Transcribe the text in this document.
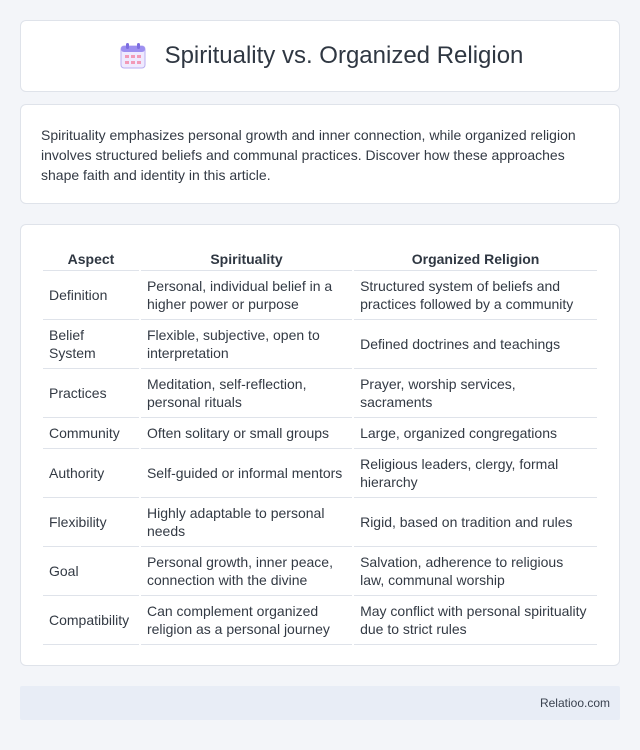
Spirituality vs. Organized Religion

Spirituality emphasizes personal growth and inner connection, while organized religion involves structured beliefs and communal practices. Discover how these approaches shape faith and identity in this article.

Aspect	Spirituality	Organized Religion
Definition	Personal, individual belief in a higher power or purpose	Structured system of beliefs and practices followed by a community
Belief System	Flexible, subjective, open to interpretation	Defined doctrines and teachings
Practices	Meditation, self-reflection, personal rituals	Prayer, worship services, sacraments
Community	Often solitary or small groups	Large, organized congregations
Authority	Self-guided or informal mentors	Religious leaders, clergy, formal hierarchy
Flexibility	Highly adaptable to personal needs	Rigid, based on tradition and rules
Goal	Personal growth, inner peace, connection with the divine	Salvation, adherence to religious law, communal worship
Compatibility	Can complement organized religion as a personal journey	May conflict with personal spirituality due to strict rules
Relatioo.com
